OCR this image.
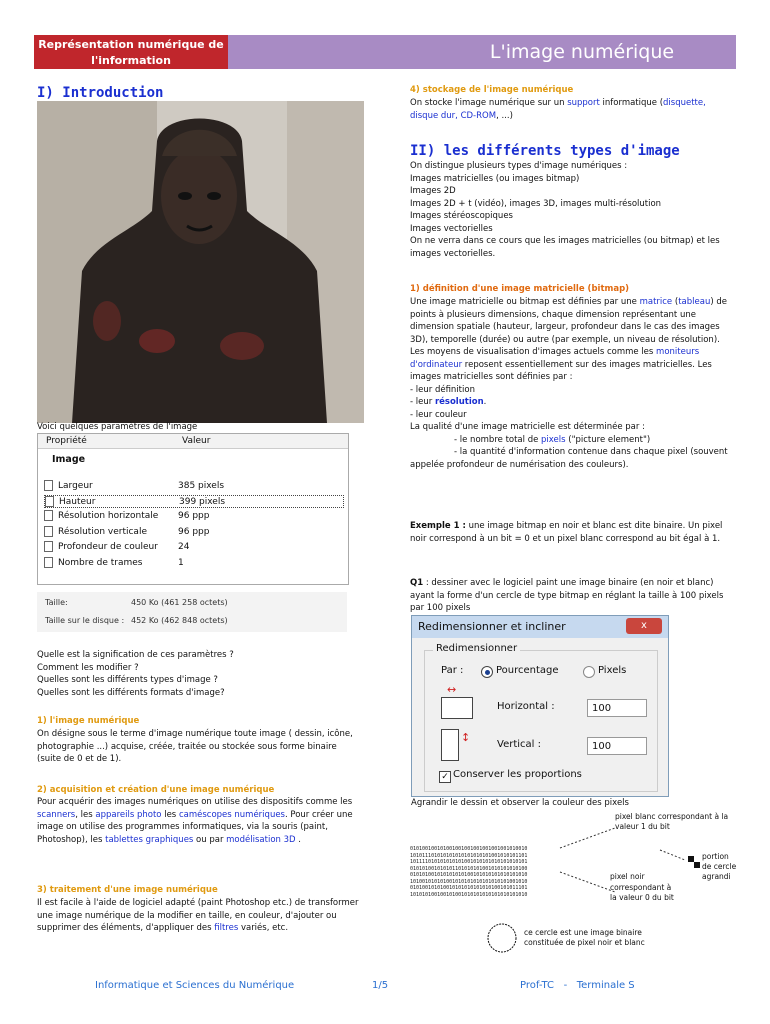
Représentation numérique de l'information	L'image numérique
I) Introduction
Voici quelques paramètres de l'image
Propriété	Valeur
Image
Largeur	385 pixels
Hauteur	399 pixels
Résolution horizontale	96 ppp
Résolution verticale	96 ppp
Profondeur de couleur	24
Nombre de trames	1
Taille:	450 Ko (461 258 octets)
Taille sur le disque : 452 Ko (462 848 octets)
Quelle est la signification de ces paramètres ?
Comment les modifier ?
Quelles sont les différents types d'image ?
Quelles sont les différents formats d'image?
1) l'image numérique
On désigne sous le terme d'image numérique toute image ( dessin, icône, photographie ...) acquise, créée, traitée ou stockée sous forme binaire (suite de 0 et de 1).
2) acquisition et création d'une image numérique
Pour acquérir des images numériques on utilise des dispositifs comme les scanners, les appareils photo les caméscopes numériques. Pour créer une image on utilise des programmes informatiques, via la souris (paint, Photoshop), les tablettes graphiques ou par modélisation 3D .
3) traitement d'une image numérique
Il est facile à l'aide de logiciel adapté (paint Photoshop etc.) de transformer une image numérique de la modifier en taille, en couleur, d'ajouter ou supprimer des éléments, d'appliquer des filtres variés, etc.
4) stockage de l'image numérique
On stocke l'image numérique sur un support informatique (disquette, disque dur, CD-ROM, ...)
II) les différents types d'image
On distingue plusieurs types d'image numériques :
Images matricielles (ou images bitmap)
Images 2D
Images 2D + t (vidéo), images 3D, images multi-résolution
Images stéréoscopiques
Images vectorielles
On ne verra dans ce cours que les images matricielles (ou bitmap) et les images vectorielles.
1) définition d'une image matricielle (bitmap)
Une image matricielle ou bitmap est définies par une matrice (tableau) de points à plusieurs dimensions, chaque dimension représentant une dimension spatiale (hauteur, largeur, profondeur dans le cas des images 3D), temporelle (durée) ou autre (par exemple, un niveau de résolution). Les moyens de visualisation d'images actuels comme les moniteurs d'ordinateur reposent essentiellement sur des images matricielles. Les images matricielles sont définies par :
- leur définition
- leur résolution.
- leur couleur
La qualité d'une image matricielle est déterminée par :
- le nombre total de pixels ("picture element")
- la quantité d'information contenue dans chaque pixel (souvent appelée profondeur de numérisation des couleurs).
Exemple 1 : une image bitmap en noir et blanc est dite binaire. Un pixel noir correspond à un bit = 0 et un pixel blanc correspond au bit égal à 1.
Q1 : dessiner avec le logiciel paint une image binaire (en noir et blanc) ayant la forme d'un cercle de type bitmap en réglant la taille à 100 pixels par 100 pixels
Redimensionner et incliner	x
Redimensionner
Par :	Pourcentage	Pixels
↔
Horizontal :	100
↕
Vertical :	100
✓ Conserver les proportions
Agrandir le dessin et observer la couleur des pixels
010100100101001001001001001001001010010
101011101010101010101010101001010101101
101111010101010101001010101010101010101
010101001010101101010101001010101010100
010101001010101010100101010101010101010
101001010101001010101010101010101001010
010100101010010101010101010100101011101
101010100100101001010101010101010101010
pixel blanc correspondant à la valeur 1 du bit
portion de cercle agrandi
pixel noir correspondant à la valeur 0 du bit
ce cercle est une image binaire constituée de pixel noir et blanc
Informatique et Sciences du Numérique	1/5	Prof-TC   -   Terminale S
